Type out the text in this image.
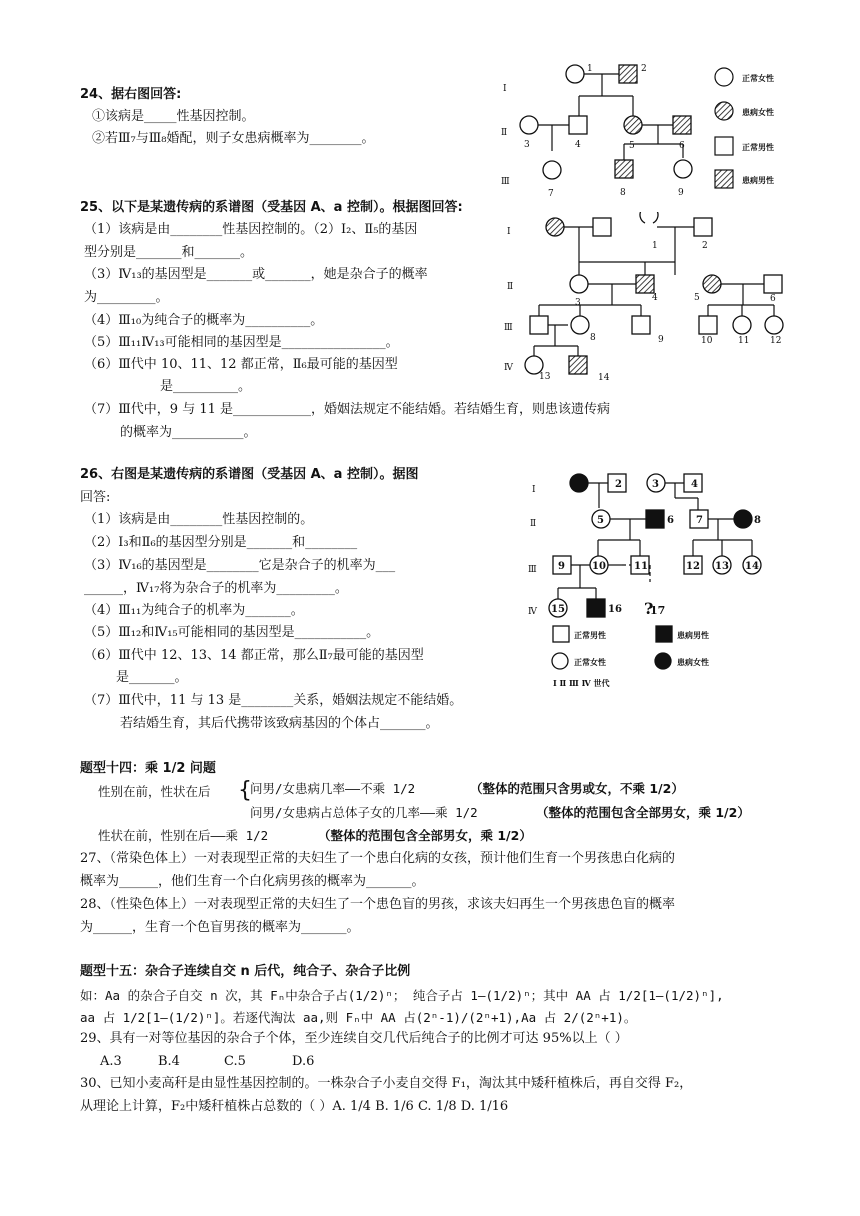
24、据右图回答:
①该病是_____性基因控制。
②若Ⅲ₇与Ⅲ₈婚配，则子女患病概率为________。
Ⅰ
Ⅱ
Ⅲ
1	2
3	4	5	6
7	8	9
正常女性
患病女性
正常男性
患病男性
25、以下是某遗传病的系谱图（受基因 A、a 控制）。根据图回答:
（1）该病是由________性基因控制的。（2）Ⅰ₂、Ⅱ₅的基因
型分别是_______和_______。
（3）Ⅳ₁₃的基因型是_______或_______，她是杂合子的概率
为_________。
（4）Ⅲ₁₀为纯合子的概率为__________。
（5）Ⅲ₁₁Ⅳ₁₃可能相同的基因型是________________。
（6）Ⅲ代中 10、11、12 都正常，Ⅱ₆最可能的基因型
是__________。
（7）Ⅲ代中，9 与 11 是____________，婚姻法规定不能结婚。若结婚生育，则患该遗传病
的概率为___________。
Ⅰ
Ⅱ
Ⅲ
Ⅳ
1	2
3	4	5	6
8	9	10	11 12
13	14
26、右图是某遗传病的系谱图（受基因 A、a 控制）。据图
回答:
（1）该病是由________性基因控制的。
（2）Ⅰ₃和Ⅱ₆的基因型分别是_______和________
（3）Ⅳ₁₆的基因型是________它是杂合子的机率为___
______，Ⅳ₁₇将为杂合子的机率为_________。
（4）Ⅲ₁₁为纯合子的机率为_______。
（5）Ⅲ₁₂和Ⅳ₁₅可能相同的基因型是___________。
（6）Ⅲ代中 12、13、14 都正常，那么Ⅱ₇最可能的基因型
是_______。
（7）Ⅲ代中，11 与 13 是________关系，婚姻法规定不能结婚。
若结婚生育，其后代携带该致病基因的个体占_______。
Ⅰ
Ⅱ
Ⅲ
Ⅳ
1	2	3	4
5	6 7	8
9	10	11	12 13 14
15	16 ?
17
正常男性	患病男性
正常女性	患病女性
Ⅰ Ⅱ Ⅲ Ⅳ 世代
题型十四：乘 1/2 问题
性别在前，性状在后 {
问男/女患病几率——不乘 1/2	（整体的范围只含男或女，不乘 1/2）
问男/女患病占总体子女的几率——乘 1/2	（整体的范围包含全部男女，乘 1/2）
性状在前，性别在后——乘 1/2	（整体的范围包含全部男女，乘 1/2）
27、（常染色体上）一对表现型正常的夫妇生了一个患白化病的女孩，预计他们生育一个男孩患白化病的
概率为______，他们生育一个白化病男孩的概率为_______。
28、（性染色体上）一对表现型正常的夫妇生了一个患色盲的男孩，求该夫妇再生一个男孩患色盲的概率
为______，生育一个色盲男孩的概率为_______。
题型十五：杂合子连续自交 n 后代，纯合子、杂合子比例
如：Aa 的杂合子自交 n 次，其 Fₙ中杂合子占(1/2)ⁿ； 纯合子占 1—(1/2)ⁿ；其中 AA 占 1/2[1—(1/2)ⁿ],
aa 占 1/2[1—(1/2)ⁿ]。若逐代淘汰 aa,则 Fₙ中 AA 占(2ⁿ-1)/(2ⁿ+1),Aa 占 2/(2ⁿ+1)。
29、具有一对等位基因的杂合子个体，至少连续自交几代后纯合子的比例才可达 95%以上（ ）
A.3	B.4	C.5	D.6
30、已知小麦高秆是由显性基因控制的。一株杂合子小麦自交得 F₁，淘汰其中矮秆植株后，再自交得 F₂，
从理论上计算，F₂中矮秆植株占总数的（ ）A. 1/4 B. 1/6 C. 1/8 D. 1/16
